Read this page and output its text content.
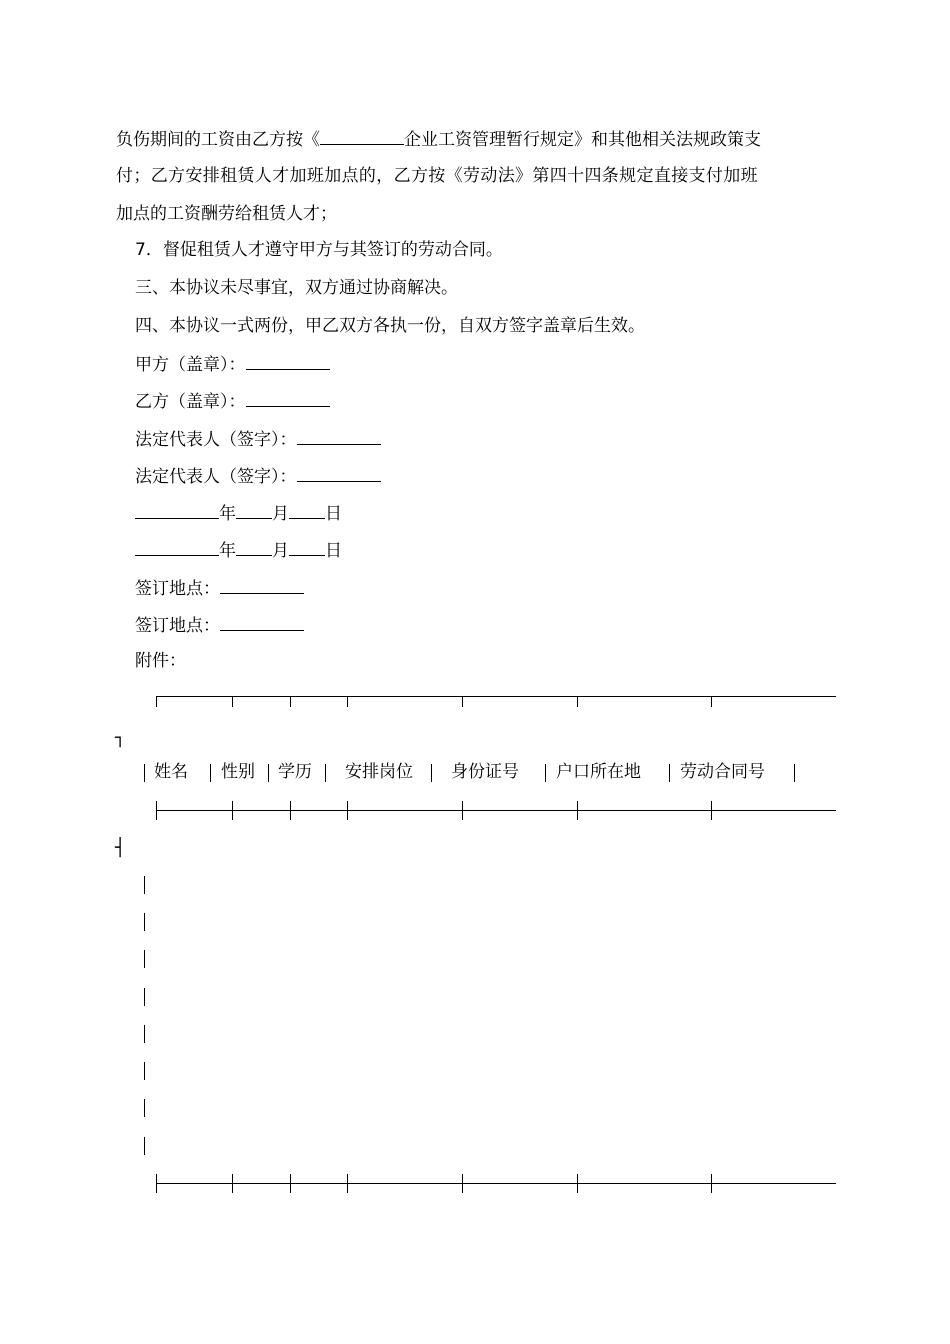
负伤期间的工资由乙方按《	企业工资管理暂行规定》和其他相关法规政策支
付；乙方安排租赁人才加班加点的，乙方按《劳动法》第四十四条规定直接支付加班
加点的工资酬劳给租赁人才；
7．督促租赁人才遵守甲方与其签订的劳动合同。
三、本协议未尽事宜，双方通过协商解决。
四、本协议一式两份，甲乙双方各执一份，自双方签字盖章后生效。
甲方（盖章）：
乙方（盖章）：
法定代表人（签字）：
法定代表人（签字）：
年 月 日
年 月 日
签订地点：
签订地点：
附件：
┐
姓名 性别 学历 安排岗位 身份证号 户口所在地 劳动合同号
┤
